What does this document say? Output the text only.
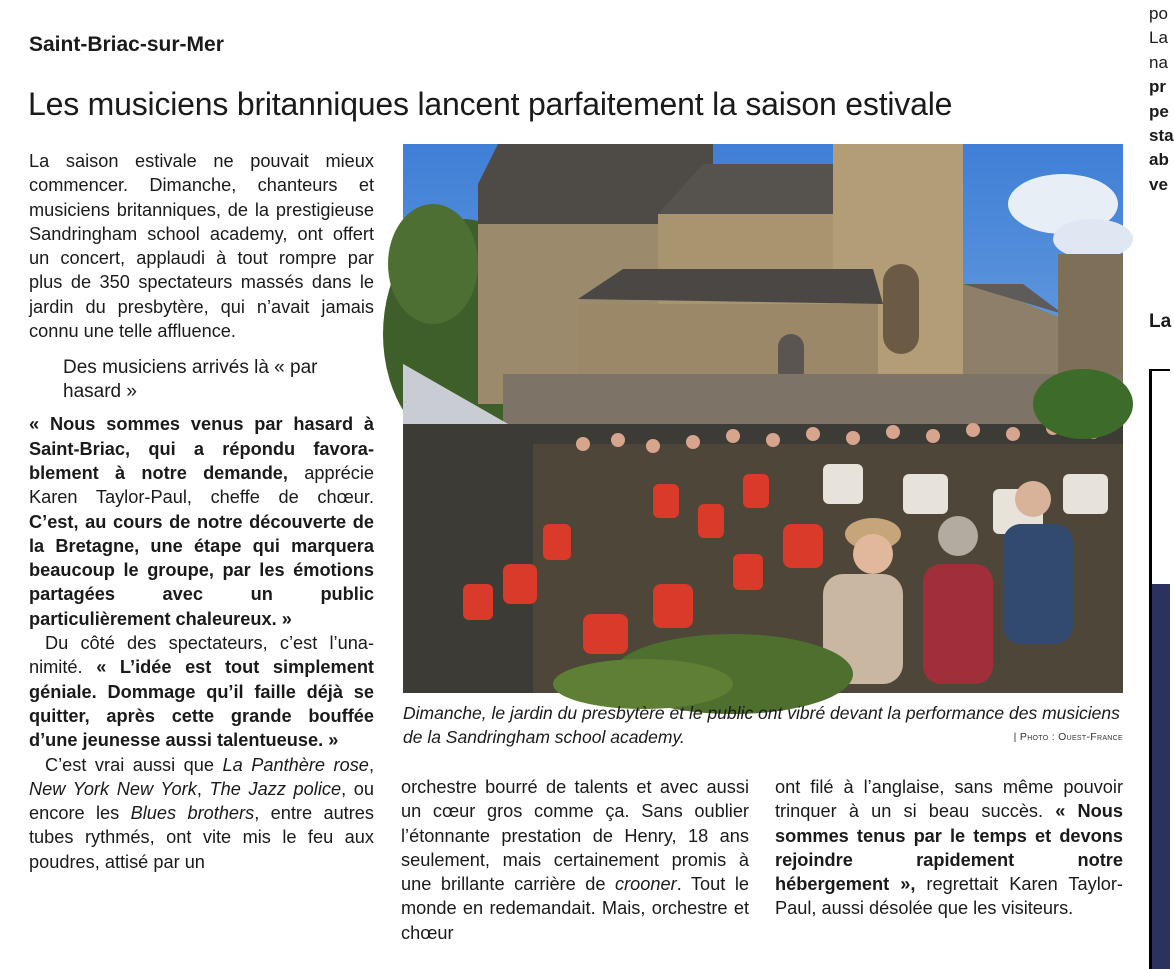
Saint-Briac-sur-Mer
Les musiciens britanniques lancent parfaitement la saison estivale

La saison estivale ne pouvait mieux commencer. Dimanche, chanteurs et musiciens britanniques, de la prestigieuse Sandringham school academy, ont offert un concert, applaudi à tout rompre par plus de 350 spectateurs massés dans le jardin du presbytère, qui n’avait jamais connu une telle affluence.

Des musiciens arrivés là « par hasard »

« Nous sommes venus par hasard à Saint-Briac, qui a répondu favorablement à notre demande, apprécie Karen Taylor-Paul, cheffe de chœur. C’est, au cours de notre découverte de la Bretagne, une étape qui marquera beaucoup le groupe, par les émotions partagées avec un public particulièrement chaleureux. »

Du côté des spectateurs, c’est l’unanimité. « L’idée est tout simplement géniale. Dommage qu’il faille déjà se quitter, après cette grande bouffée d’une jeunesse aussi talentueuse. »

C’est vrai aussi que La Panthère rose, New York New York, The Jazz police, ou encore les Blues brothers, entre autres tubes rythmés, ont vite mis le feu aux poudres, attisé par un

Dimanche, le jardin du presbytère et le public ont vibré devant la performance des musiciens de la Sandringham school academy.	| Photo : Ouest-France

orchestre bourré de talents et avec aussi un cœur gros comme ça. Sans oublier l’étonnante prestation de Henry, 18 ans seulement, mais certainement promis à une brillante carrière de crooner. Tout le monde en redemandait. Mais, orchestre et chœur

ont filé à l’anglaise, sans même pouvoir trinquer à un si beau succès. « Nous sommes tenus par le temps et devons rejoindre rapidement notre hébergement », regrettait Karen Taylor-Paul, aussi désolée que les visiteurs.

po
La
na
pr
pe
sta
ab
ve
La
